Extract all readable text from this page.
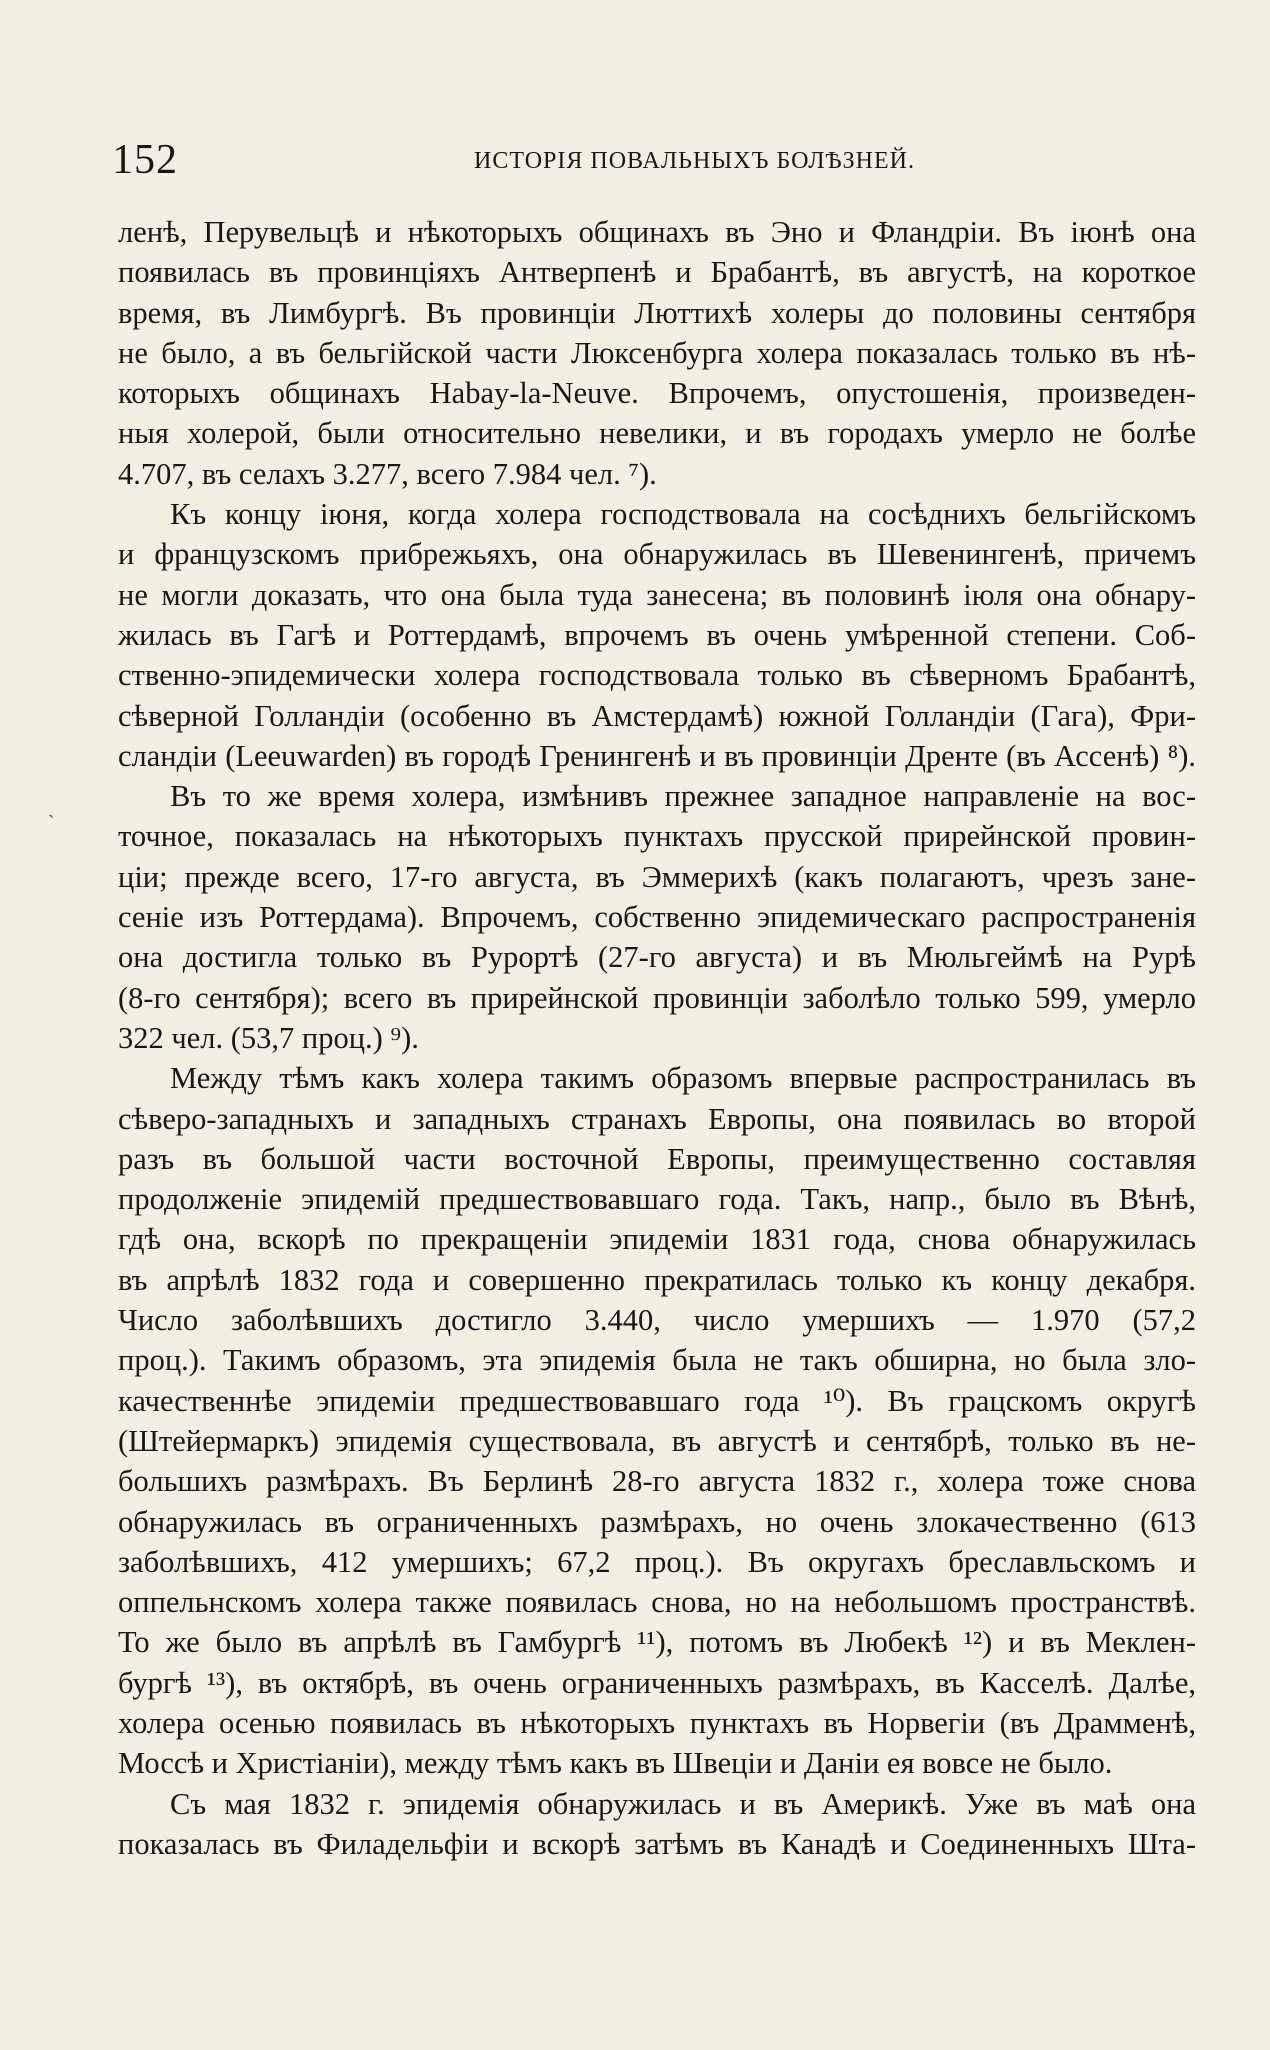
152	ИСТОРІЯ ПОВАЛЬНЫХЪ БОЛѢЗНЕЙ.
ˋ
ленѣ, Перувельцѣ и нѣкоторыхъ общинахъ въ Эно и Фландріи. Въ іюнѣ она
появилась въ провинціяхъ Антверпенѣ и Брабантѣ, въ августѣ, на короткое
время, въ Лимбургѣ. Въ провинціи Люттихѣ холеры до половины сентября
не было, а въ бельгійской части Люксенбурга холера показалась только въ нѣ-
которыхъ общинахъ Habay-la-Neuve. Впрочемъ, опустошенія, произведен-
ныя холерой, были относительно невелики, и въ городахъ умерло не болѣе
4.707, въ селахъ 3.277, всего 7.984 чел. ⁷).
Къ концу іюня, когда холера господствовала на сосѣднихъ бельгійскомъ
и французскомъ прибрежьяхъ, она обнаружилась въ Шевенингенѣ, причемъ
не могли доказать, что она была туда занесена; въ половинѣ іюля она обнару-
жилась въ Гагѣ и Роттердамѣ, впрочемъ въ очень умѣренной степени. Соб-
ственно-эпидемически холера господствовала только въ сѣверномъ Брабантѣ,
сѣверной Голландіи (особенно въ Амстердамѣ) южной Голландіи (Гага), Фри-
сландіи (Leeuwarden) въ городѣ Гренингенѣ и въ провинціи Дренте (въ Ассенѣ) ⁸).
Въ то же время холера, измѣнивъ прежнее западное направленіе на вос-
точное, показалась на нѣкоторыхъ пунктахъ прусской прирейнской провин-
ціи; прежде всего, 17-го августа, въ Эммерихѣ (какъ полагаютъ, чрезъ зане-
сеніе изъ Роттердама). Впрочемъ, собственно эпидемическаго распространенія
она достигла только въ Рурортѣ (27-го августа) и въ Мюльгеймѣ на Рурѣ
(8-го сентября); всего въ прирейнской провинціи заболѣло только 599, умерло
322 чел. (53,7 проц.) ⁹).
Между тѣмъ какъ холера такимъ образомъ впервые распространилась въ
сѣверо-западныхъ и западныхъ странахъ Европы, она появилась во второй
разъ въ большой части восточной Европы, преимущественно составляя
продолженіе эпидемій предшествовавшаго года. Такъ, напр., было въ Вѣнѣ,
гдѣ она, вскорѣ по прекращеніи эпидеміи 1831 года, снова обнаружилась
въ апрѣлѣ 1832 года и совершенно прекратилась только къ концу декабря.
Число заболѣвшихъ достигло 3.440, число умершихъ — 1.970 (57,2
проц.). Такимъ образомъ, эта эпидемія была не такъ обширна, но была зло-
качественнѣе эпидеміи предшествовавшаго года ¹⁰). Въ грацскомъ округѣ
(Штейермаркъ) эпидемія существовала, въ августѣ и сентябрѣ, только въ не-
большихъ размѣрахъ. Въ Берлинѣ 28-го августа 1832 г., холера тоже снова
обнаружилась въ ограниченныхъ размѣрахъ, но очень злокачественно (613
заболѣвшихъ, 412 умершихъ; 67,2 проц.). Въ округахъ бреславльскомъ и
оппельнскомъ холера также появилась снова, но на небольшомъ пространствѣ.
То же было въ апрѣлѣ въ Гамбургѣ ¹¹), потомъ въ Любекѣ ¹²) и въ Меклен-
бургѣ ¹³), въ октябрѣ, въ очень ограниченныхъ размѣрахъ, въ Касселѣ. Далѣе,
холера осенью появилась въ нѣкоторыхъ пунктахъ въ Норвегіи (въ Драмменѣ,
Моссѣ и Христіаніи), между тѣмъ какъ въ Швеціи и Даніи ея вовсе не было.
Съ мая 1832 г. эпидемія обнаружилась и въ Америкѣ. Уже въ маѣ она
показалась въ Филадельфіи и вскорѣ затѣмъ въ Канадѣ и Соединенныхъ Шта-
